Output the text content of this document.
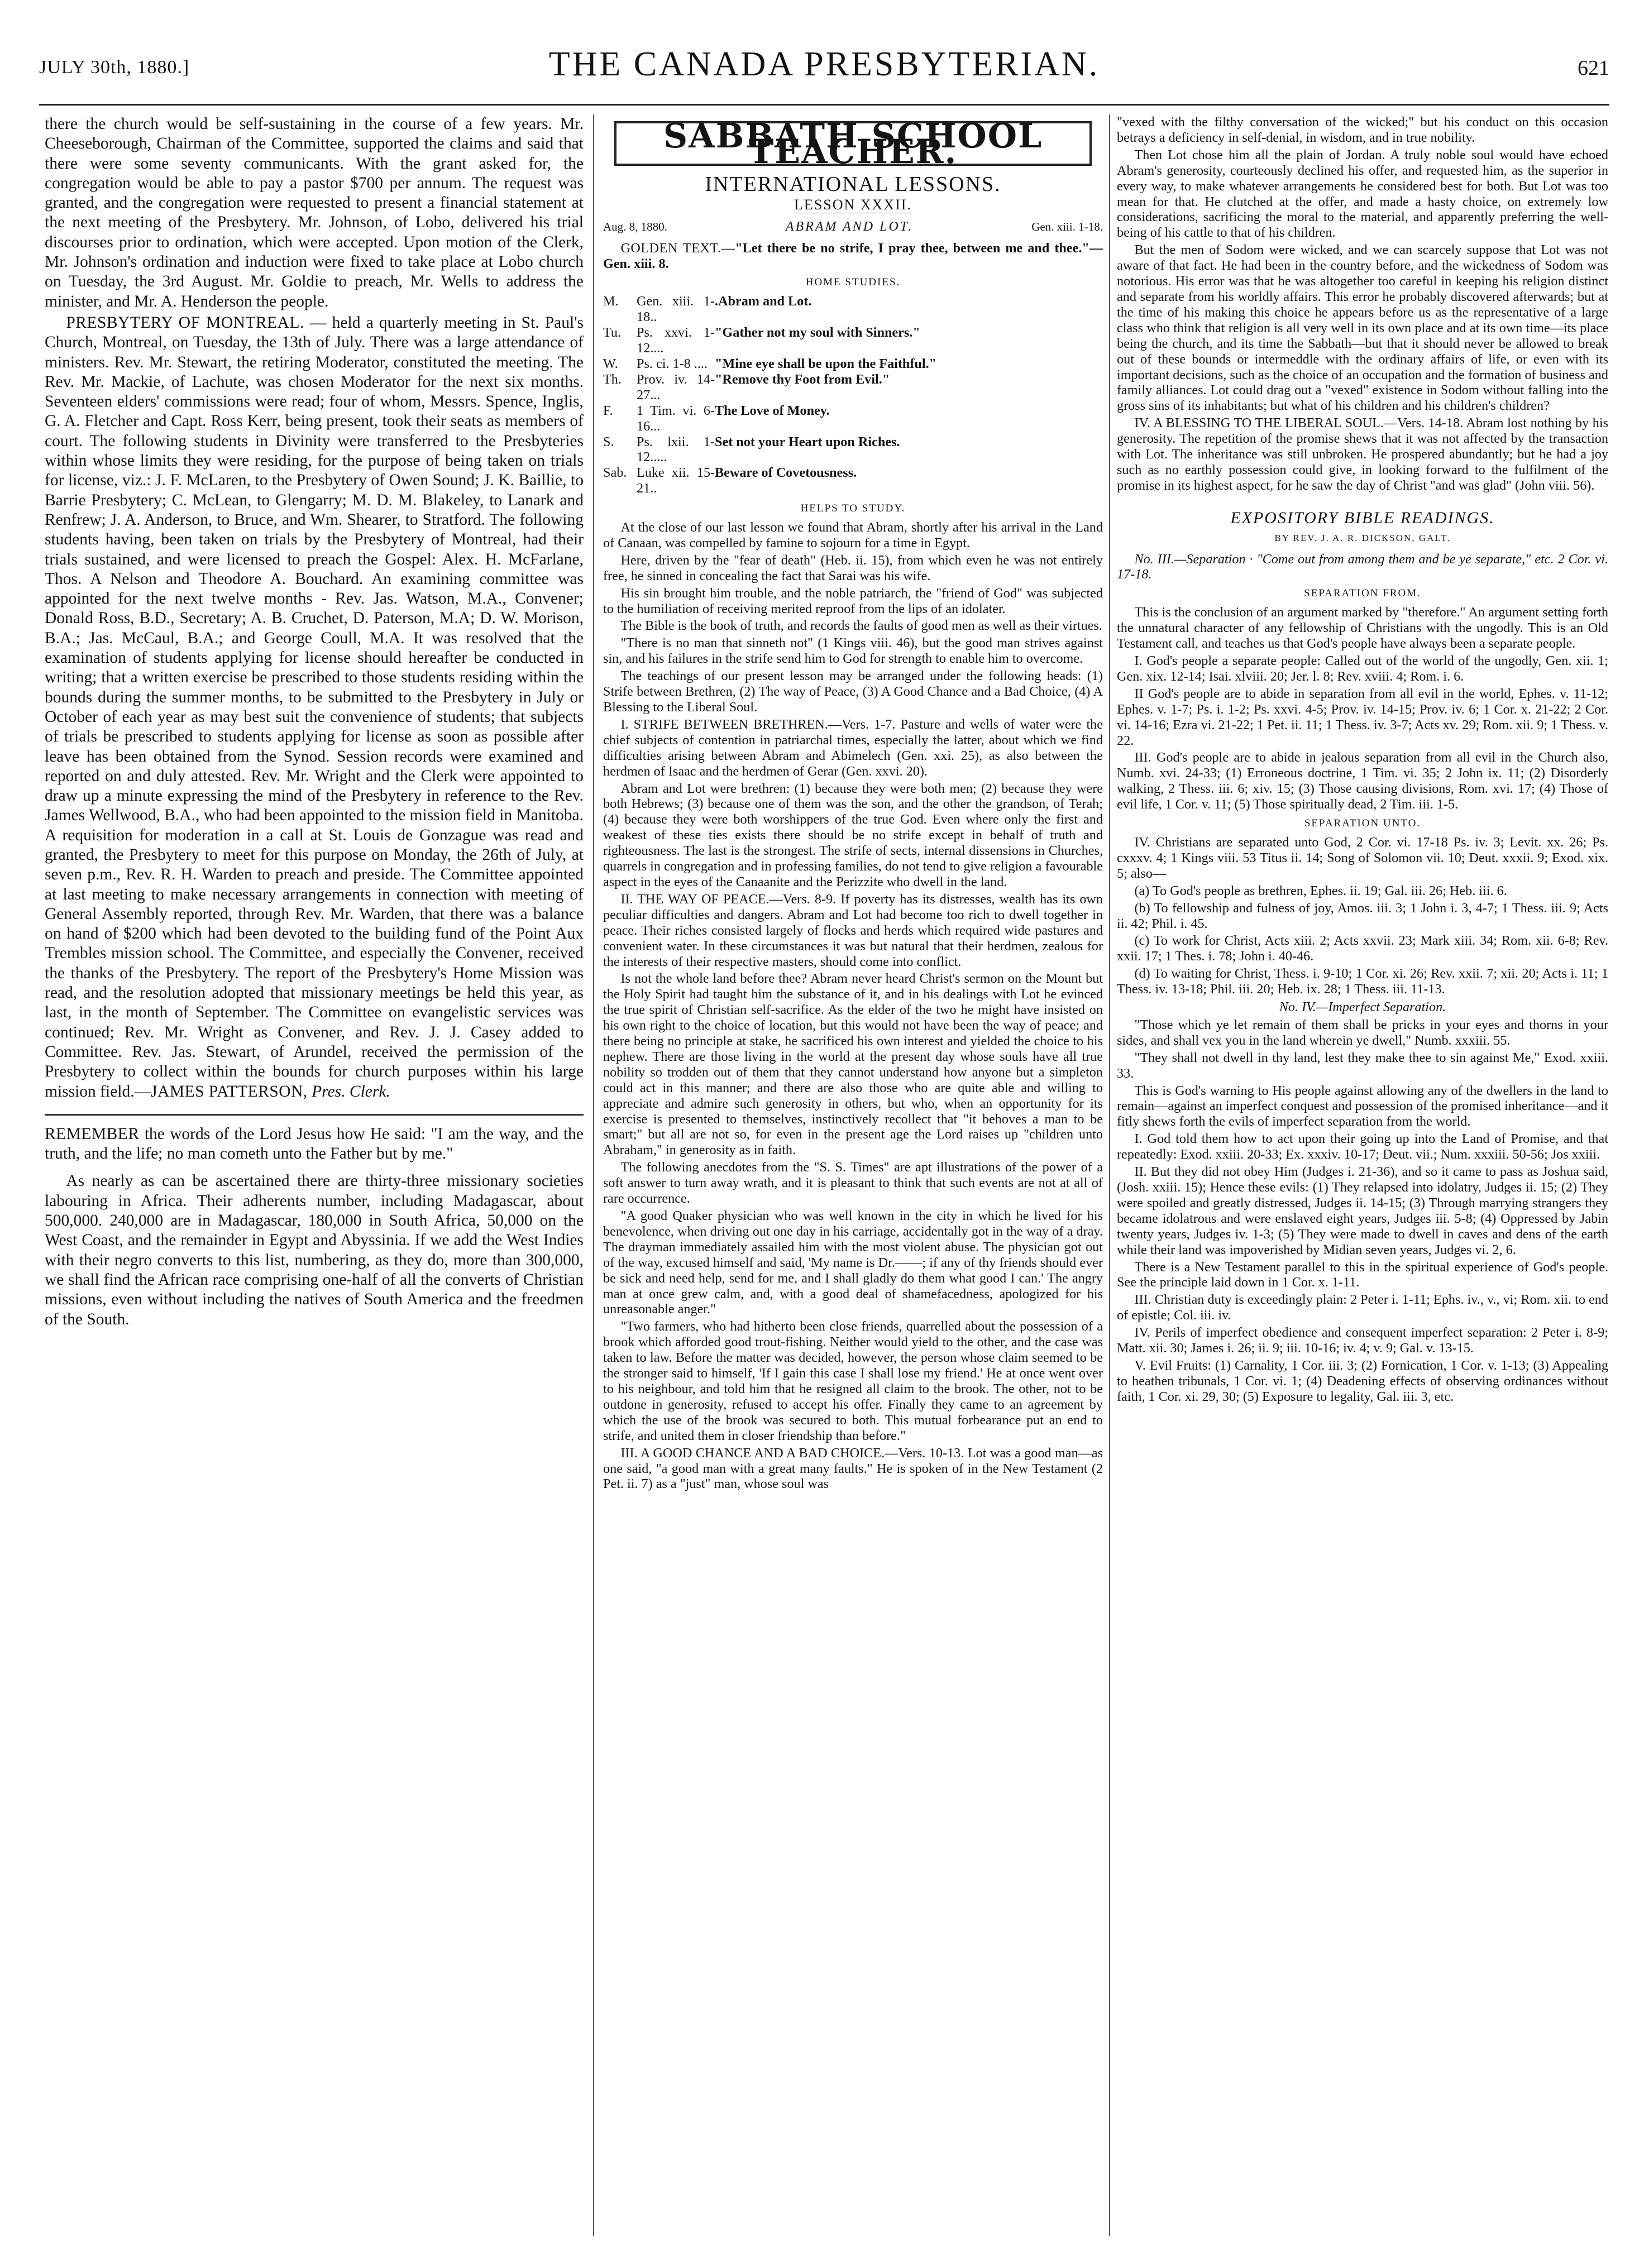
JULY 30th, 1880.]	THE CANADA PRESBYTERIAN.	621

there the church would be self-sustaining in the course of a few years. Mr. Cheeseborough, Chairman of the Committee, supported the claims and said that there were some seventy communicants. With the grant asked for, the congregation would be able to pay a pastor $700 per annum. The request was granted, and the congregation were requested to present a financial statement at the next meeting of the Presbytery. Mr. Johnson, of Lobo, delivered his trial discourses prior to ordination, which were accepted. Upon motion of the Clerk, Mr. Johnson's ordination and induction were fixed to take place at Lobo church on Tuesday, the 3rd August. Mr. Goldie to preach, Mr. Wells to address the minister, and Mr. A. Henderson the people.

PRESBYTERY OF MONTREAL. — held a quarterly meeting in St. Paul's Church, Montreal, on Tuesday, the 13th of July. There was a large attendance of ministers. Rev. Mr. Stewart, the retiring Moderator, constituted the meeting. The Rev. Mr. Mackie, of Lachute, was chosen Moderator for the next six months. Seventeen elders' commissions were read; four of whom, Messrs. Spence, Inglis, G. A. Fletcher and Capt. Ross Kerr, being present, took their seats as members of court. The following students in Divinity were transferred to the Presbyteries within whose limits they were residing, for the purpose of being taken on trials for license, viz.: J. F. McLaren, to the Presbytery of Owen Sound; J. K. Baillie, to Barrie Presbytery; C. McLean, to Glengarry; M. D. M. Blakeley, to Lanark and Renfrew; J. A. Anderson, to Bruce, and Wm. Shearer, to Stratford. The following students having, been taken on trials by the Presbytery of Montreal, had their trials sustained, and were licensed to preach the Gospel: Alex. H. McFarlane, Thos. A Nelson and Theodore A. Bouchard. An examining committee was appointed for the next twelve months - Rev. Jas. Watson, M.A., Convener; Donald Ross, B.D., Secretary; A. B. Cruchet, D. Paterson, M.A; D. W. Morison, B.A.; Jas. McCaul, B.A.; and George Coull, M.A. It was resolved that the examination of students applying for license should hereafter be conducted in writing; that a written exercise be prescribed to those students residing within the bounds during the summer months, to be submitted to the Presbytery in July or October of each year as may best suit the convenience of students; that subjects of trials be prescribed to students applying for license as soon as possible after leave has been obtained from the Synod. Session records were examined and reported on and duly attested. Rev. Mr. Wright and the Clerk were appointed to draw up a minute expressing the mind of the Presbytery in reference to the Rev. James Wellwood, B.A., who had been appointed to the mission field in Manitoba. A requisition for moderation in a call at St. Louis de Gonzague was read and granted, the Presbytery to meet for this purpose on Monday, the 26th of July, at seven p.m., Rev. R. H. Warden to preach and preside. The Committee appointed at last meeting to make necessary arrangements in connection with meeting of General Assembly reported, through Rev. Mr. Warden, that there was a balance on hand of $200 which had been devoted to the building fund of the Point Aux Trembles mission school. The Committee, and especially the Convener, received the thanks of the Presbytery. The report of the Presbytery's Home Mission was read, and the resolution adopted that missionary meetings be held this year, as last, in the month of September. The Committee on evangelistic services was continued; Rev. Mr. Wright as Convener, and Rev. J. J. Casey added to Committee. Rev. Jas. Stewart, of Arundel, received the permission of the Presbytery to collect within the bounds for church purposes within his large mission field.—JAMES PATTERSON, Pres. Clerk.

REMEMBER the words of the Lord Jesus how He said: "I am the way, and the truth, and the life; no man cometh unto the Father but by me."

As nearly as can be ascertained there are thirty-three missionary societies labouring in Africa. Their adherents number, including Madagascar, about 500,000. 240,000 are in Madagascar, 180,000 in South Africa, 50,000 on the West Coast, and the remainder in Egypt and Abyssinia. If we add the West Indies with their negro converts to this list, numbering, as they do, more than 300,000, we shall find the African race comprising one-half of all the converts of Christian missions, even without including the natives of South America and the freedmen of the South.

SABBATH SCHOOL TEACHER.
INTERNATIONAL LESSONS.
LESSON XXXII.
Aug. 8, 1880.	ABRAM AND LOT.	Gen. xiii. 1-18.

GOLDEN TEXT.—"Let there be no strife, I pray thee, between me and thee."—Gen. xiii. 8.

HOME STUDIES.
M.	Gen. xiii. 1-18..	.Abram and Lot.
Tu.	Ps. xxvi. 1-12....	"Gather not my soul with Sinners."
W.	Ps. ci. 1-8 ....	"Mine eye shall be upon the Faithful."
Th.	Prov. iv. 14-27...	"Remove thy Foot from Evil."
F.	1 Tim. vi. 6-16...	The Love of Money.
S.	Ps. lxii. 1-12.....	Set not your Heart upon Riches.
Sab.	Luke xii. 15-21..	Beware of Covetousness.
HELPS TO STUDY.

At the close of our last lesson we found that Abram, shortly after his arrival in the Land of Canaan, was compelled by famine to sojourn for a time in Egypt.

Here, driven by the "fear of death" (Heb. ii. 15), from which even he was not entirely free, he sinned in concealing the fact that Sarai was his wife.

His sin brought him trouble, and the noble patriarch, the "friend of God" was subjected to the humiliation of receiving merited reproof from the lips of an idolater.

The Bible is the book of truth, and records the faults of good men as well as their virtues.

"There is no man that sinneth not" (1 Kings viii. 46), but the good man strives against sin, and his failures in the strife send him to God for strength to enable him to overcome.

The teachings of our present lesson may be arranged under the following heads: (1) Strife between Brethren, (2) The way of Peace, (3) A Good Chance and a Bad Choice, (4) A Blessing to the Liberal Soul.

I. STRIFE BETWEEN BRETHREN.—Vers. 1-7. Pasture and wells of water were the chief subjects of contention in patriarchal times, especially the latter, about which we find difficulties arising between Abram and Abimelech (Gen. xxi. 25), as also between the herdmen of Isaac and the herdmen of Gerar (Gen. xxvi. 20).

Abram and Lot were brethren: (1) because they were both men; (2) because they were both Hebrews; (3) because one of them was the son, and the other the grandson, of Terah; (4) because they were both worshippers of the true God. Even where only the first and weakest of these ties exists there should be no strife except in behalf of truth and righteousness. The last is the strongest. The strife of sects, internal dissensions in Churches, quarrels in congregation and in professing families, do not tend to give religion a favourable aspect in the eyes of the Canaanite and the Perizzite who dwell in the land.

II. THE WAY OF PEACE.—Vers. 8-9. If poverty has its distresses, wealth has its own peculiar difficulties and dangers. Abram and Lot had become too rich to dwell together in peace. Their riches consisted largely of flocks and herds which required wide pastures and convenient water. In these circumstances it was but natural that their herdmen, zealous for the interests of their respective masters, should come into conflict.

Is not the whole land before thee? Abram never heard Christ's sermon on the Mount but the Holy Spirit had taught him the substance of it, and in his dealings with Lot he evinced the true spirit of Christian self-sacrifice. As the elder of the two he might have insisted on his own right to the choice of location, but this would not have been the way of peace; and there being no principle at stake, he sacrificed his own interest and yielded the choice to his nephew. There are those living in the world at the present day whose souls have all true nobility so trodden out of them that they cannot understand how anyone but a simpleton could act in this manner; and there are also those who are quite able and willing to appreciate and admire such generosity in others, but who, when an opportunity for its exercise is presented to themselves, instinctively recollect that "it behoves a man to be smart;" but all are not so, for even in the present age the Lord raises up "children unto Abraham," in generosity as in faith.

The following anecdotes from the "S. S. Times" are apt illustrations of the power of a soft answer to turn away wrath, and it is pleasant to think that such events are not at all of rare occurrence.

"A good Quaker physician who was well known in the city in which he lived for his benevolence, when driving out one day in his carriage, accidentally got in the way of a dray. The drayman immediately assailed him with the most violent abuse. The physician got out of the way, excused himself and said, 'My name is Dr.——; if any of thy friends should ever be sick and need help, send for me, and I shall gladly do them what good I can.' The angry man at once grew calm, and, with a good deal of shamefacedness, apologized for his unreasonable anger."

"Two farmers, who had hitherto been close friends, quarrelled about the possession of a brook which afforded good trout-fishing. Neither would yield to the other, and the case was taken to law. Before the matter was decided, however, the person whose claim seemed to be the stronger said to himself, 'If I gain this case I shall lose my friend.' He at once went over to his neighbour, and told him that he resigned all claim to the brook. The other, not to be outdone in generosity, refused to accept his offer. Finally they came to an agreement by which the use of the brook was secured to both. This mutual forbearance put an end to strife, and united them in closer friendship than before."

III. A GOOD CHANCE AND A BAD CHOICE.—Vers. 10-13. Lot was a good man—as one said, "a good man with a great many faults." He is spoken of in the New Testament (2 Pet. ii. 7) as a "just" man, whose soul was

"vexed with the filthy conversation of the wicked;" but his conduct on this occasion betrays a deficiency in self-denial, in wisdom, and in true nobility.

Then Lot chose him all the plain of Jordan. A truly noble soul would have echoed Abram's generosity, courteously declined his offer, and requested him, as the superior in every way, to make whatever arrangements he considered best for both. But Lot was too mean for that. He clutched at the offer, and made a hasty choice, on extremely low considerations, sacrificing the moral to the material, and apparently preferring the well-being of his cattle to that of his children.

But the men of Sodom were wicked, and we can scarcely suppose that Lot was not aware of that fact. He had been in the country before, and the wickedness of Sodom was notorious. His error was that he was altogether too careful in keeping his religion distinct and separate from his worldly affairs. This error he probably discovered afterwards; but at the time of his making this choice he appears before us as the representative of a large class who think that religion is all very well in its own place and at its own time—its place being the church, and its time the Sabbath—but that it should never be allowed to break out of these bounds or intermeddle with the ordinary affairs of life, or even with its important decisions, such as the choice of an occupation and the formation of business and family alliances. Lot could drag out a "vexed" existence in Sodom without falling into the gross sins of its inhabitants; but what of his children and his children's children?

IV. A BLESSING TO THE LIBERAL SOUL.—Vers. 14-18. Abram lost nothing by his generosity. The repetition of the promise shews that it was not affected by the transaction with Lot. The inheritance was still unbroken. He prospered abundantly; but he had a joy such as no earthly possession could give, in looking forward to the fulfilment of the promise in its highest aspect, for he saw the day of Christ "and was glad" (John viii. 56).

EXPOSITORY BIBLE READINGS.
BY REV. J. A. R. DICKSON, GALT.

No. III.—Separation · "Come out from among them and be ye separate," etc. 2 Cor. vi. 17-18.

SEPARATION FROM.

This is the conclusion of an argument marked by "therefore." An argument setting forth the unnatural character of any fellowship of Christians with the ungodly. This is an Old Testament call, and teaches us that God's people have always been a separate people.

I. God's people a separate people: Called out of the world of the ungodly, Gen. xii. 1; Gen. xix. 12-14; Isai. xlviii. 20; Jer. l. 8; Rev. xviii. 4; Rom. i. 6.

II God's people are to abide in separation from all evil in the world, Ephes. v. 11-12; Ephes. v. 1-7; Ps. i. 1-2; Ps. xxvi. 4-5; Prov. iv. 14-15; Prov. iv. 6; 1 Cor. x. 21-22; 2 Cor. vi. 14-16; Ezra vi. 21-22; 1 Pet. ii. 11; 1 Thess. iv. 3-7; Acts xv. 29; Rom. xii. 9; 1 Thess. v. 22.

III. God's people are to abide in jealous separation from all evil in the Church also, Numb. xvi. 24-33; (1) Erroneous doctrine, 1 Tim. vi. 35; 2 John ix. 11; (2) Disorderly walking, 2 Thess. iii. 6; xiv. 15; (3) Those causing divisions, Rom. xvi. 17; (4) Those of evil life, 1 Cor. v. 11; (5) Those spiritually dead, 2 Tim. iii. 1-5.

SEPARATION UNTO.

IV. Christians are separated unto God, 2 Cor. vi. 17-18 Ps. iv. 3; Levit. xx. 26; Ps. cxxxv. 4; 1 Kings viii. 53 Titus ii. 14; Song of Solomon vii. 10; Deut. xxxii. 9; Exod. xix. 5; also—

(a) To God's people as brethren, Ephes. ii. 19; Gal. iii. 26; Heb. iii. 6.

(b) To fellowship and fulness of joy, Amos. iii. 3; 1 John i. 3, 4-7; 1 Thess. iii. 9; Acts ii. 42; Phil. i. 45.

(c) To work for Christ, Acts xiii. 2; Acts xxvii. 23; Mark xiii. 34; Rom. xii. 6-8; Rev. xxii. 17; 1 Thes. i. 78; John i. 40-46.

(d) To waiting for Christ, Thess. i. 9-10; 1 Cor. xi. 26; Rev. xxii. 7; xii. 20; Acts i. 11; 1 Thess. iv. 13-18; Phil. iii. 20; Heb. ix. 28; 1 Thess. iii. 11-13.

No. IV.—Imperfect Separation.

"Those which ye let remain of them shall be pricks in your eyes and thorns in your sides, and shall vex you in the land wherein ye dwell," Numb. xxxiii. 55.

"They shall not dwell in thy land, lest they make thee to sin against Me," Exod. xxiii. 33.

This is God's warning to His people against allowing any of the dwellers in the land to remain—against an imperfect conquest and possession of the promised inheritance—and it fitly shews forth the evils of imperfect separation from the world.

I. God told them how to act upon their going up into the Land of Promise, and that repeatedly: Exod. xxiii. 20-33; Ex. xxxiv. 10-17; Deut. vii.; Num. xxxiii. 50-56; Jos xxiii.

II. But they did not obey Him (Judges i. 21-36), and so it came to pass as Joshua said, (Josh. xxiii. 15); Hence these evils: (1) They relapsed into idolatry, Judges ii. 15; (2) They were spoiled and greatly distressed, Judges ii. 14-15; (3) Through marrying strangers they became idolatrous and were enslaved eight years, Judges iii. 5-8; (4) Oppressed by Jabin twenty years, Judges iv. 1-3; (5) They were made to dwell in caves and dens of the earth while their land was impoverished by Midian seven years, Judges vi. 2, 6.

There is a New Testament parallel to this in the spiritual experience of God's people. See the principle laid down in 1 Cor. x. 1-11.

III. Christian duty is exceedingly plain: 2 Peter i. 1-11; Ephs. iv., v., vi; Rom. xii. to end of epistle; Col. iii. iv.

IV. Perils of imperfect obedience and consequent imperfect separation: 2 Peter i. 8-9; Matt. xii. 30; James i. 26; ii. 9; iii. 10-16; iv. 4; v. 9; Gal. v. 13-15.

V. Evil Fruits: (1) Carnality, 1 Cor. iii. 3; (2) Fornication, 1 Cor. v. 1-13; (3) Appealing to heathen tribunals, 1 Cor. vi. 1; (4) Deadening effects of observing ordinances without faith, 1 Cor. xi. 29, 30; (5) Exposure to legality, Gal. iii. 3, etc.
